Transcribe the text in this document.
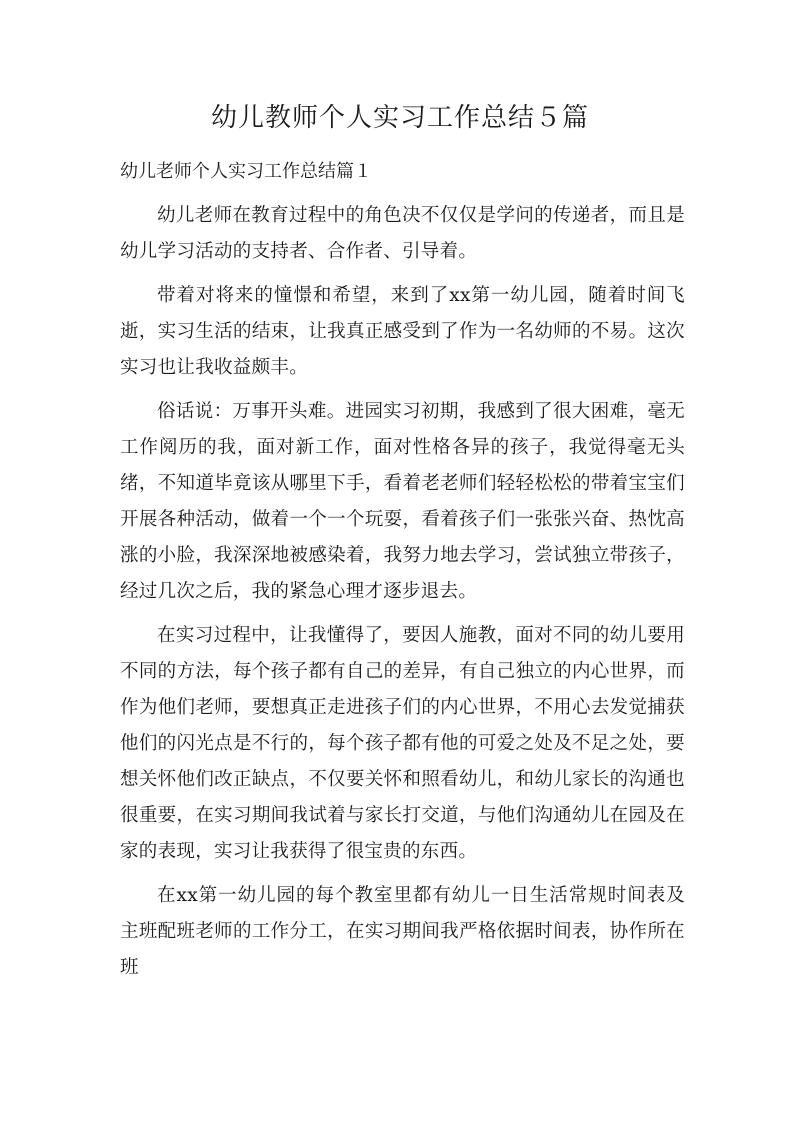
幼儿教师个人实习工作总结５篇
幼儿老师个人实习工作总结篇１

幼儿老师在教育过程中的角色决不仅仅是学问的传递者，而且是幼儿学习活动的支持者、合作者、引导着。

带着对将来的憧憬和希望，来到了xx第一幼儿园，随着时间飞逝，实习生活的结束，让我真正感受到了作为一名幼师的不易。这次实习也让我收益颇丰。

俗话说：万事开头难。进园实习初期，我感到了很大困难，毫无工作阅历的我，面对新工作，面对性格各异的孩子，我觉得毫无头绪，不知道毕竟该从哪里下手，看着老老师们轻轻松松的带着宝宝们开展各种活动，做着一个一个玩耍，看着孩子们一张张兴奋、热忱高涨的小脸，我深深地被感染着，我努力地去学习，尝试独立带孩子，经过几次之后，我的紧急心理才逐步退去。

在实习过程中，让我懂得了，要因人施教，面对不同的幼儿要用不同的方法，每个孩子都有自己的差异，有自己独立的内心世界，而作为他们老师，要想真正走进孩子们的内心世界，不用心去发觉捕获他们的闪光点是不行的，每个孩子都有他的可爱之处及不足之处，要想关怀他们改正缺点，不仅要关怀和照看幼儿，和幼儿家长的沟通也很重要，在实习期间我试着与家长打交道，与他们沟通幼儿在园及在家的表现，实习让我获得了很宝贵的东西。

在xx第一幼儿园的每个教室里都有幼儿一日生活常规时间表及主班配班老师的工作分工，在实习期间我严格依据时间表，协作所在班
